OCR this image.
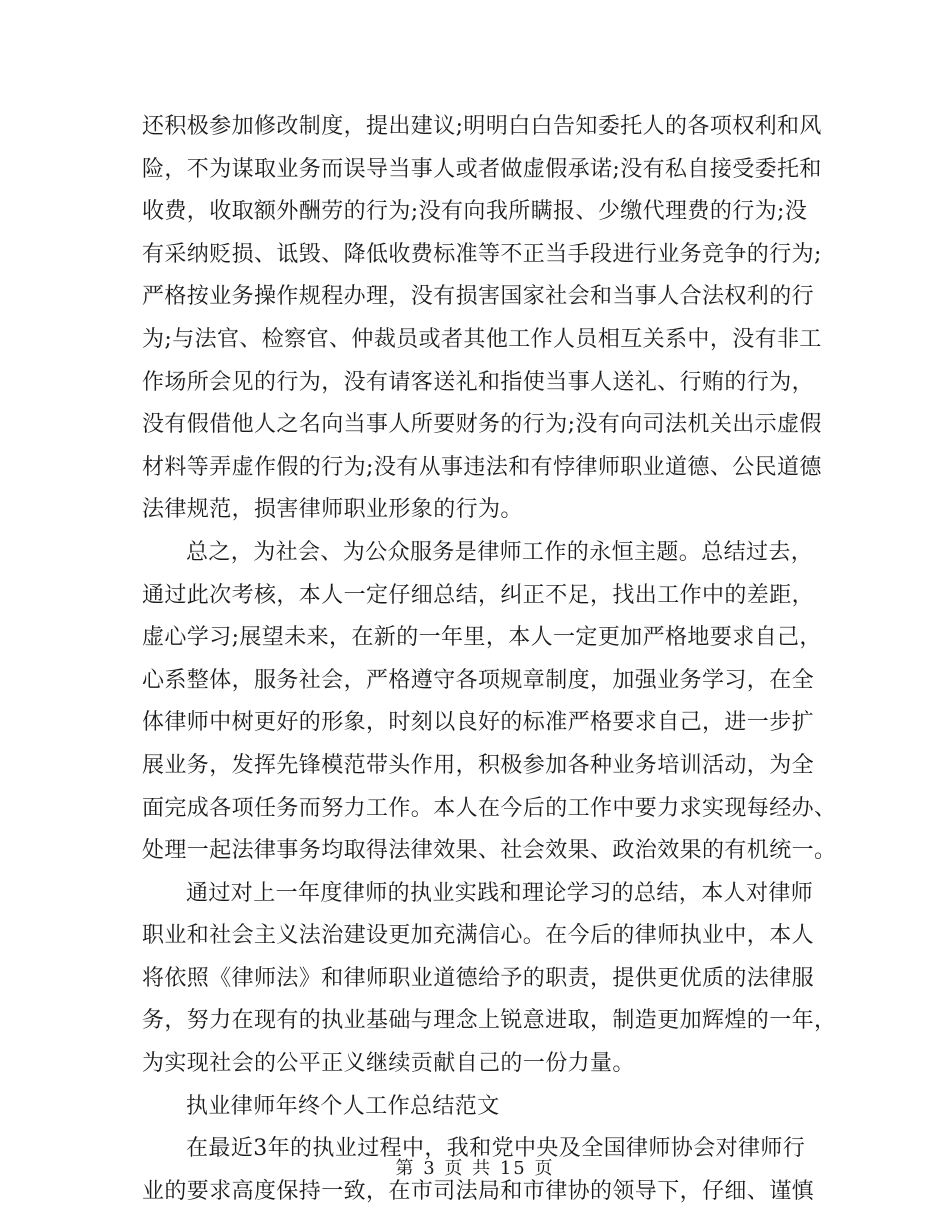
还积极参加修改制度，提出建议;明明白白告知委托人的各项权利和风
险，不为谋取业务而误导当事人或者做虚假承诺;没有私自接受委托和
收费，收取额外酬劳的行为;没有向我所瞒报、少缴代理费的行为;没
有采纳贬损、诋毁、降低收费标准等不正当手段进行业务竞争的行为;
严格按业务操作规程办理，没有损害国家社会和当事人合法权利的行
为;与法官、检察官、仲裁员或者其他工作人员相互关系中，没有非工
作场所会见的行为，没有请客送礼和指使当事人送礼、行贿的行为，
没有假借他人之名向当事人所要财务的行为;没有向司法机关出示虚假
材料等弄虚作假的行为;没有从事违法和有悖律师职业道德、公民道德
法律规范，损害律师职业形象的行为。
总之，为社会、为公众服务是律师工作的永恒主题。总结过去，
通过此次考核，本人一定仔细总结，纠正不足，找出工作中的差距，
虚心学习;展望未来，在新的一年里，本人一定更加严格地要求自己，
心系整体，服务社会，严格遵守各项规章制度，加强业务学习，在全
体律师中树更好的形象，时刻以良好的标准严格要求自己，进一步扩
展业务，发挥先锋模范带头作用，积极参加各种业务培训活动，为全
面完成各项任务而努力工作。本人在今后的工作中要力求实现每经办、
处理一起法律事务均取得法律效果、社会效果、政治效果的有机统一。
通过对上一年度律师的执业实践和理论学习的总结，本人对律师
职业和社会主义法治建设更加充满信心。在今后的律师执业中，本人
将依照《律师法》和律师职业道德给予的职责，提供更优质的法律服
务，努力在现有的执业基础与理念上锐意进取，制造更加辉煌的一年，
为实现社会的公平正义继续贡献自己的一份力量。
执业律师年终个人工作总结范文
在最近3年的执业过程中，我和党中央及全国律师协会对律师行
业的要求高度保持一致，在市司法局和市律协的领导下，仔细、谨慎
第 3 页 共 15 页
